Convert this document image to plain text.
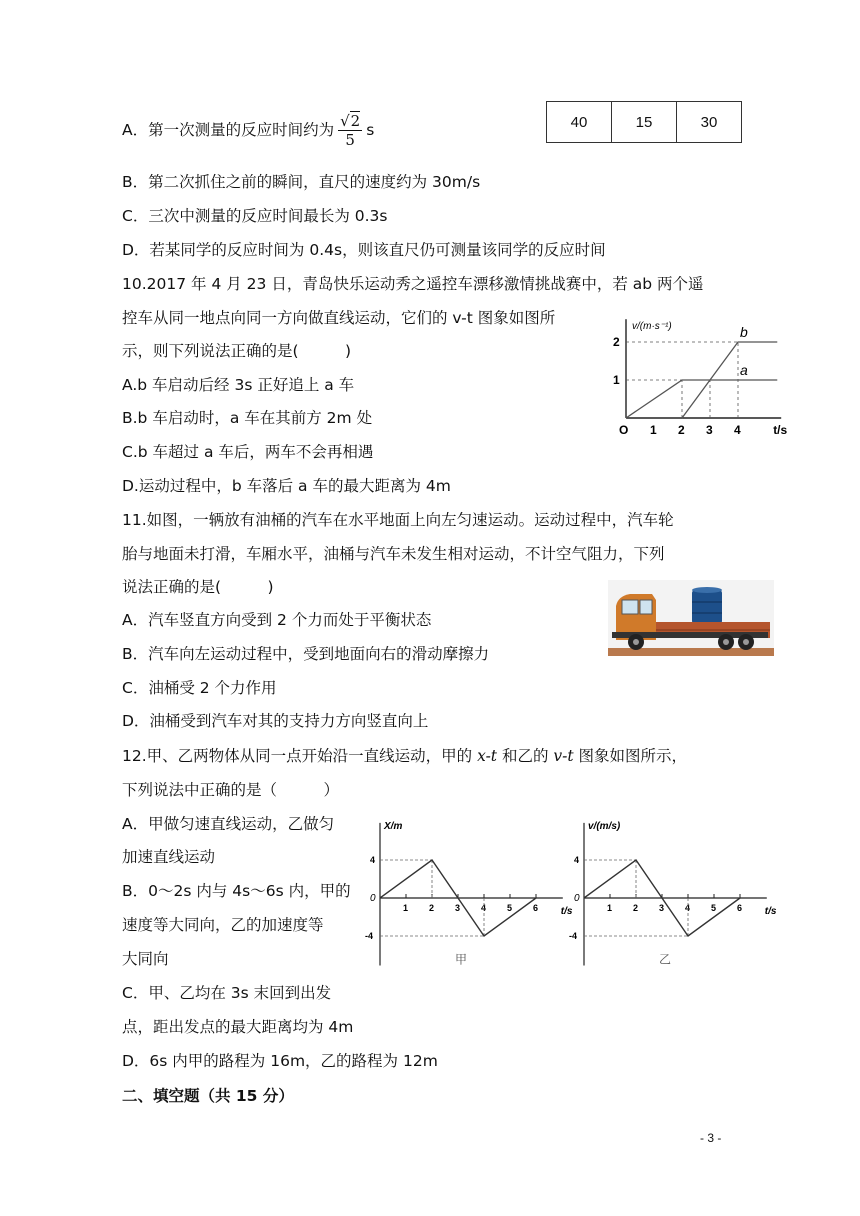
A．第一次测量的反应时间约为 $\frac{√2}{5}$ s	40	15	30
B．第二次抓住之前的瞬间，直尺的速度约为 30m/s
C．三次中测量的反应时间最长为 0.3s
D．若某同学的反应时间为 0.4s，则该直尺仍可测量该同学的反应时间
10.2017 年 4 月 23 日，青岛快乐运动秀之遥控车漂移激情挑战赛中，若 ab 两个遥
控车从同一地点向同一方向做直线运动，它们的 v-t 图象如图所
示，则下列说法正确的是(　　　)
A.b 车启动后经 3s 正好追上 a 车
B.b 车启动时，a 车在其前方 2m 处
C.b 车超过 a 车后，两车不会再相遇
D.运动过程中，b 车落后 a 车的最大距离为 4m
v/(m·s⁻¹)
t/s
O 1 2 3 4
1
2
a
b
11.如图，一辆放有油桶的汽车在水平地面上向左匀速运动。运动过程中，汽车轮
胎与地面未打滑，车厢水平，油桶与汽车未发生相对运动，不计空气阻力，下列
说法正确的是(　　　)
A．汽车竖直方向受到 2 个力而处于平衡状态
B．汽车向左运动过程中，受到地面向右的滑动摩擦力
C．油桶受 2 个力作用
D．油桶受到汽车对其的支持力方向竖直向上
12.甲、乙两物体从同一点开始沿一直线运动，甲的 x-t 和乙的 v-t 图象如图所示，
下列说法中正确的是（　　　）
A．甲做匀速直线运动，乙做匀
加速直线运动
B．0～2s 内与 4s～6s 内，甲的
速度等大同向，乙的加速度等
大同向
C．甲、乙均在 3s 末回到出发
点，距出发点的最大距离均为 4m
D．6s 内甲的路程为 16m，乙的路程为 12m
X/m
t/s
0
1 2 3 4 5 6
4
-4
甲
v/(m/s)
t/s
0
1 2 3 4 5 6
4
-4
乙
二、填空题（共 15 分）
- 3 -
